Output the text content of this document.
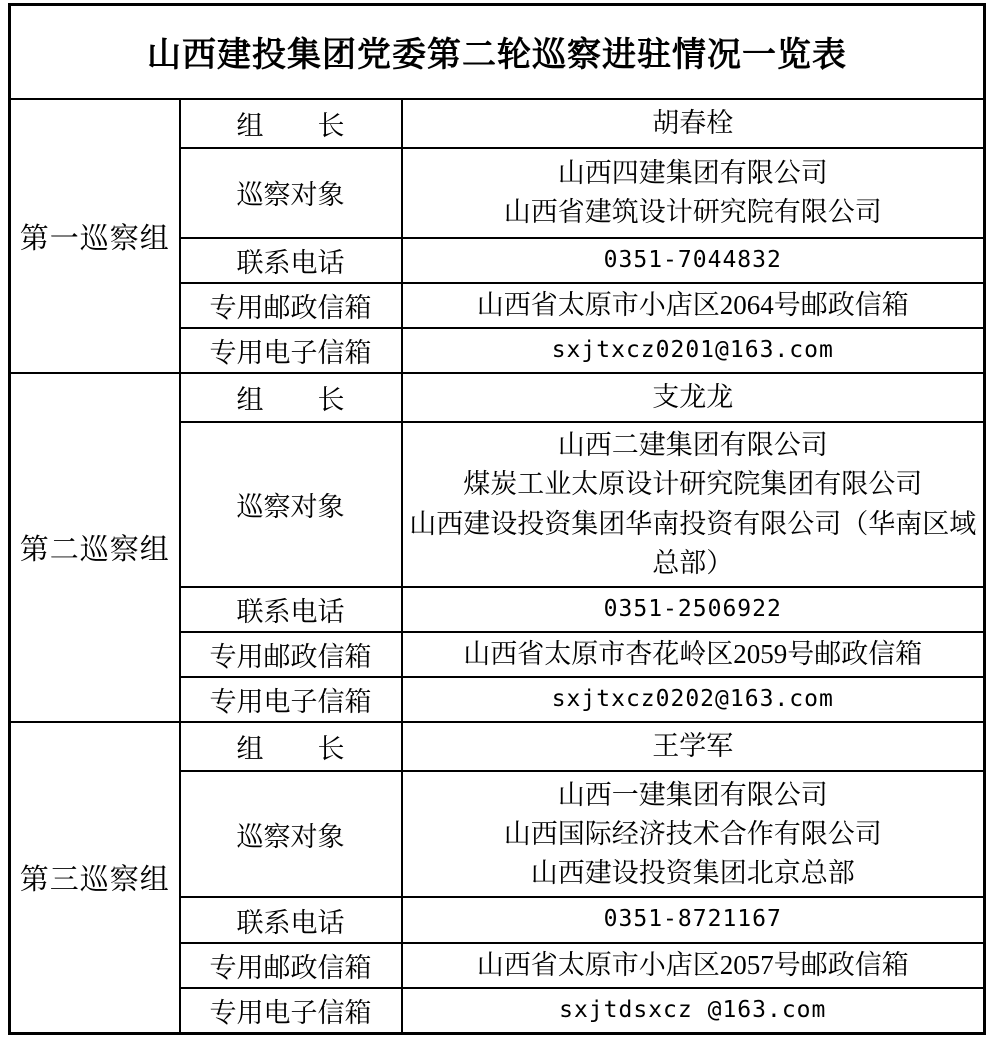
山西建投集团党委第二轮巡察进驻情况一览表		
第一巡察组	组　　长	胡春栓
	巡察对象	山西四建集团有限公司
山西省建筑设计研究院有限公司

	联系电话	0351-7044832
	专用邮政信箱	山西省太原市小店区2064号邮政信箱
	专用电子信箱	sxjtxcz0201@163.com
第二巡察组	组　　长	支龙龙
	巡察对象	山西二建集团有限公司
煤炭工业太原设计研究院集团有限公司
山西建设投资集团华南投资有限公司（华南区域总部）

	联系电话	0351-2506922
	专用邮政信箱	山西省太原市杏花岭区2059号邮政信箱
	专用电子信箱	sxjtxcz0202@163.com
第三巡察组	组　　长	王学军
	巡察对象	山西一建集团有限公司
山西国际经济技术合作有限公司
山西建设投资集团北京总部

	联系电话	0351-8721167
	专用邮政信箱	山西省太原市小店区2057号邮政信箱
	专用电子信箱	sxjtdsxcz @163.com
